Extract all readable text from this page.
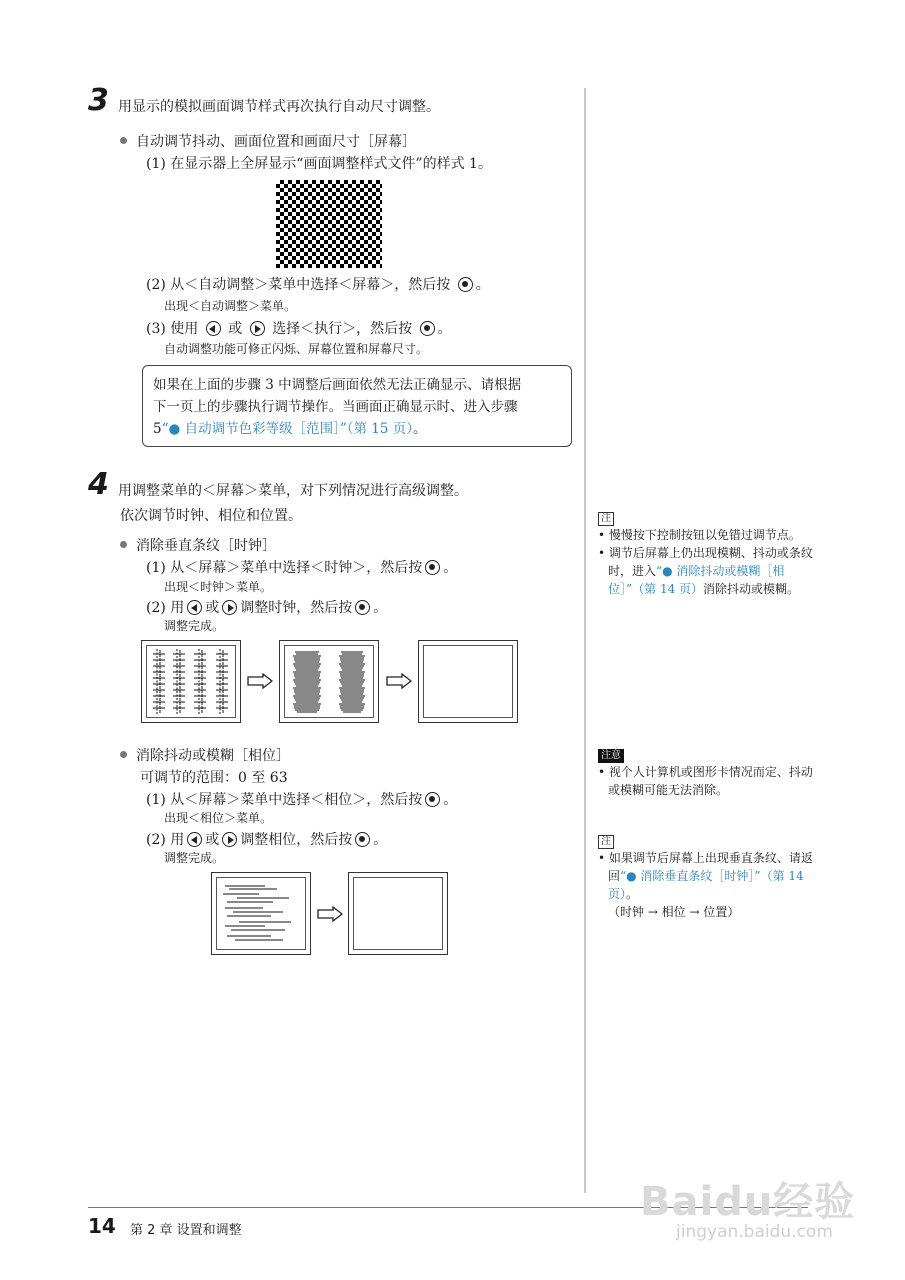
3 用显示的模拟画面调节样式再次执行自动尺寸调整。
自动调节抖动、画面位置和画面尺寸［屏幕］
(1) 在显示器上全屏显示“画面调整样式文件”的样式 1。
(2) 从＜自动调整＞菜单中选择＜屏幕＞，然后按 。
出现＜自动调整＞菜单。
(3) 使用 或 选择＜执行＞，然后按 。
自动调整功能可修正闪烁、屏幕位置和屏幕尺寸。
如果在上面的步骤 3 中调整后画面依然无法正确显示、请根据
下一页上的步骤执行调节操作。当画面正确显示时、进入步骤
5“● 自动调节色彩等级［范围］”（第 15 页）。
4 用调整菜单的＜屏幕＞菜单，对下列情况进行高级调整。
依次调节时钟、相位和位置。
消除垂直条纹［时钟］
(1) 从＜屏幕＞菜单中选择＜时钟＞，然后按 。
出现＜时钟＞菜单。
(2) 用 或 调整时钟，然后按 。
调整完成。
消除抖动或模糊［相位］
可调节的范围：0 至 63
(1) 从＜屏幕＞菜单中选择＜相位＞，然后按 。
出现＜相位＞菜单。
(2) 用 或 调整相位，然后按 。
调整完成。
注
• 慢慢按下控制按钮以免错过调节点。
• 调节后屏幕上仍出现模糊、抖动或条纹时，进入“● 消除抖动或模糊［相位］”（第 14 页）消除抖动或模糊。
注意
• 视个人计算机或图形卡情况而定、抖动或模糊可能无法消除。
注
• 如果调节后屏幕上出现垂直条纹、请返回“● 消除垂直条纹［时钟］”（第 14 页）。
（时钟 → 相位 → 位置）
14 第 2 章 设置和调整
Baidu经验
jingyan.baidu.com
